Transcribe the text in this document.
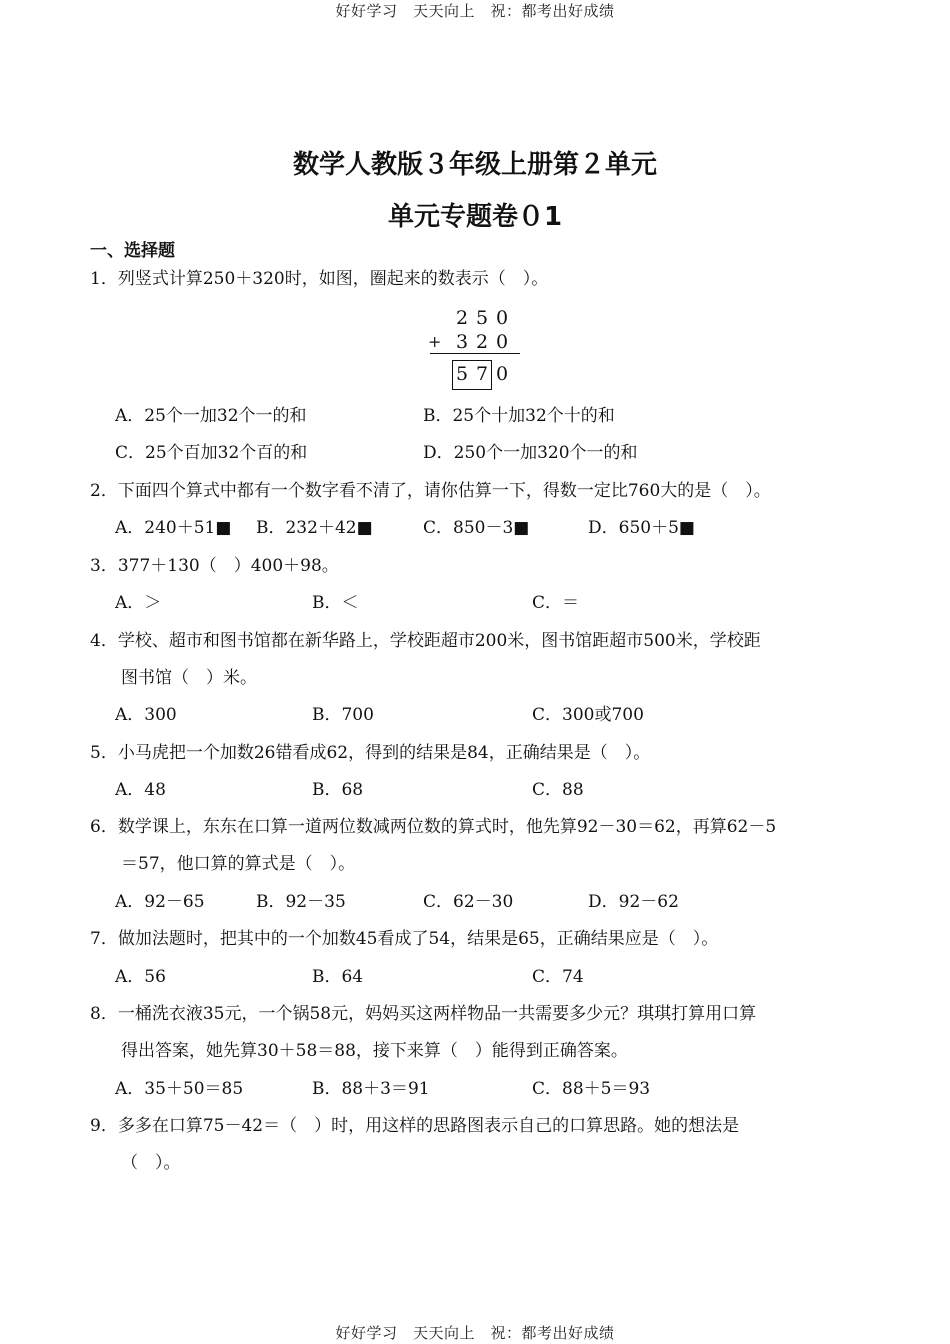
好好学习　天天向上　祝：都考出好成绩
数学人教版３年级上册第２单元
单元专题卷０1
一、选择题
1．列竖式计算250＋320时，如图，圈起来的数表示（　）。
2 5 0
+ 3 2 0
5 7 0
A．25个一加32个一的和	B．25个十加32个十的和
C．25个百加32个百的和	D．250个一加320个一的和
2．下面四个算式中都有一个数字看不清了，请你估算一下，得数一定比760大的是（　）。
A．240＋51■ B．232＋42■	C．850－3■	D．650＋5■
3．377＋130（　）400＋98。
A．＞	B．＜	C．＝
4．学校、超市和图书馆都在新华路上，学校距超市200米，图书馆距超市500米，学校距
图书馆（　）米。
A．300	B．700	C．300或700
5．小马虎把一个加数26错看成62，得到的结果是84，正确结果是（　）。
A．48	B．68	C．88
6．数学课上，东东在口算一道两位数减两位数的算式时，他先算92－30＝62，再算62－5
＝57，他口算的算式是（　）。
A．92－65	B．92－35	C．62－30	D．92－62
7．做加法题时，把其中的一个加数45看成了54，结果是65，正确结果应是（　）。
A．56	B．64	C．74
8．一桶洗衣液35元，一个锅58元，妈妈买这两样物品一共需要多少元？琪琪打算用口算
得出答案，她先算30＋58＝88，接下来算（　）能得到正确答案。
A．35＋50＝85	B．88＋3＝91	C．88＋5＝93
9．多多在口算75－42＝（　）时，用这样的思路图表示自己的口算思路。她的想法是
（　）。
好好学习　天天向上　祝：都考出好成绩
